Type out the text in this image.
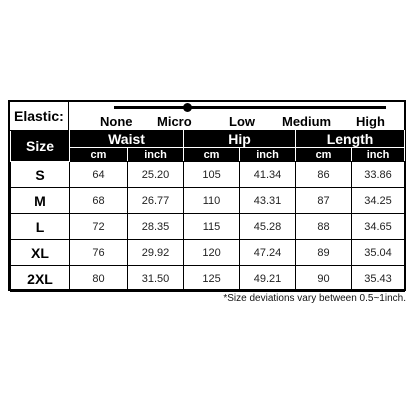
Elastic:	None Micro	Low Medium High
Size	Waist		Hip		Length	
	cm	inch	cm	inch	cm	inch
S	64	25.20	105	41.34	86	33.86
M	68	26.77	110	43.31	87	34.25
L	72	28.35	115	45.28	88	34.65
XL	76	29.92	120	47.24	89	35.04
2XL	80	31.50	125	49.21	90	35.43
*Size deviations vary between 0.5~1inch.
